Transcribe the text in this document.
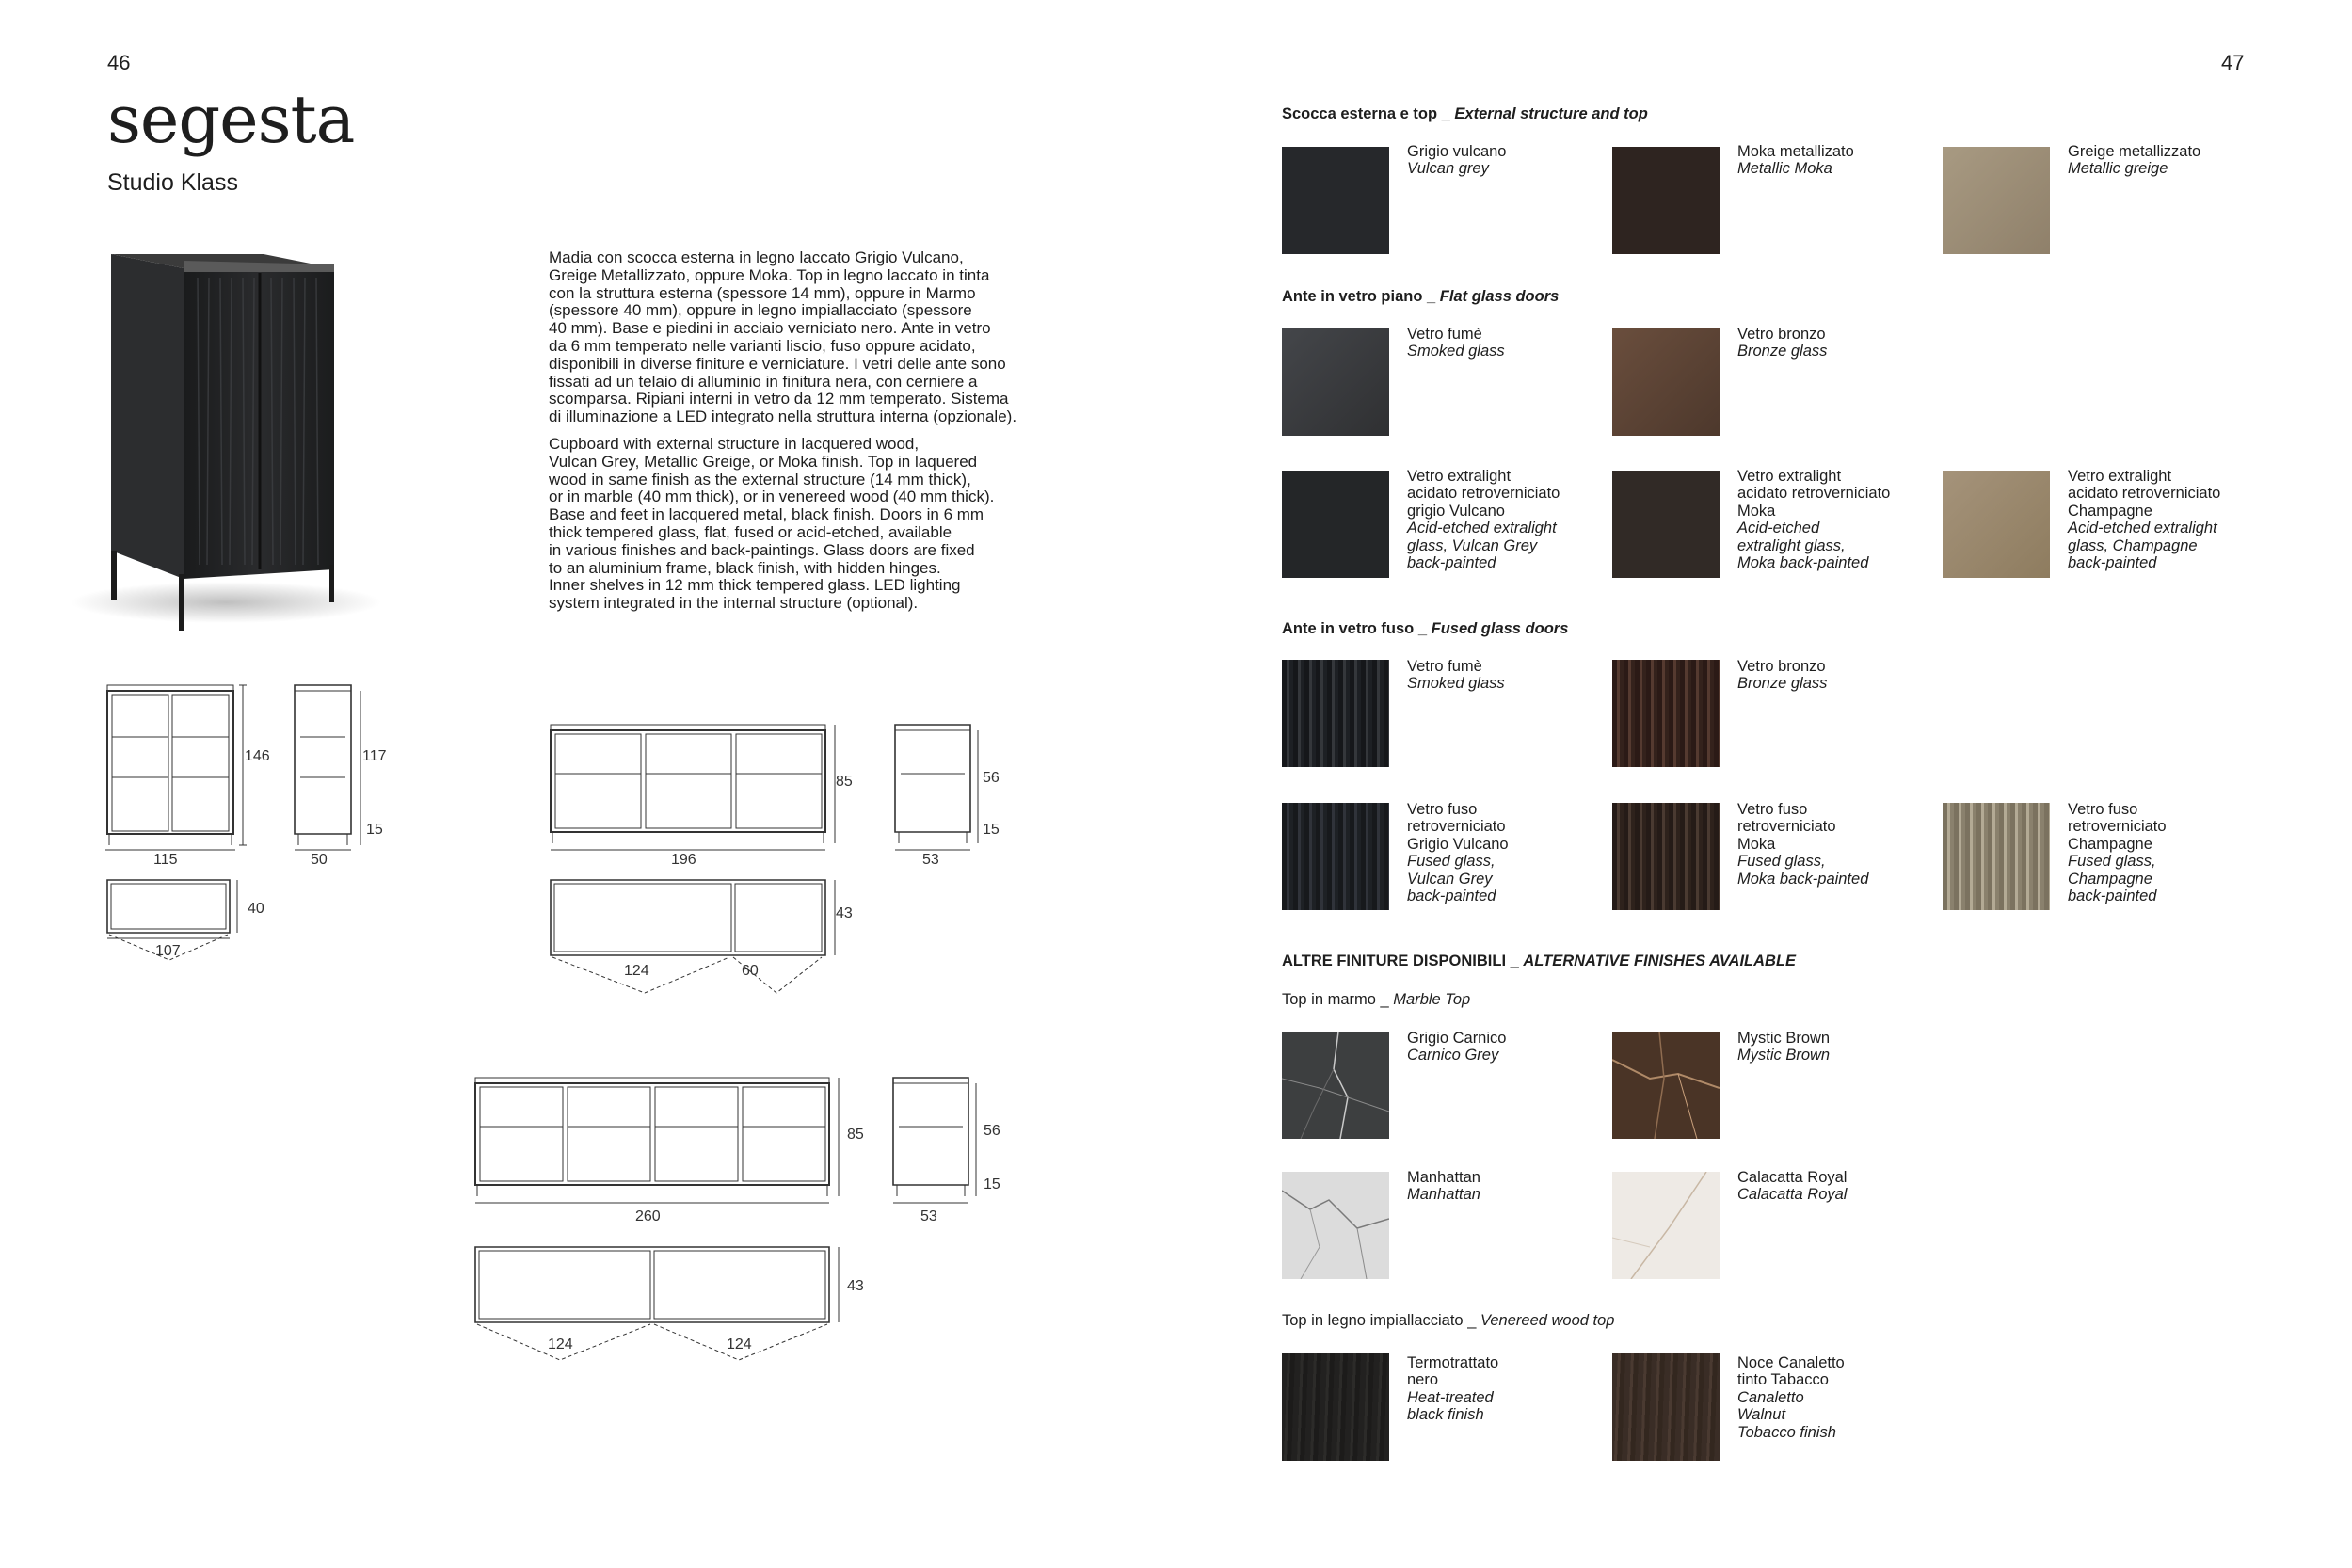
46	47
segesta
Studio Klass

Madia con scocca esterna in legno laccato Grigio Vulcano,

Greige Metallizzato, oppure Moka. Top in legno laccato in tinta

con la struttura esterna (spessore 14 mm), oppure in Marmo

(spessore 40 mm), oppure in legno impiallacciato (spessore

40 mm). Base e piedini in acciaio verniciato nero. Ante in vetro

da 6 mm temperato nelle varianti liscio, fuso oppure acidato,

disponibili in diverse finiture e verniciature. I vetri delle ante sono

fissati ad un telaio di alluminio in finitura nera, con cerniere a

scomparsa. Ripiani interni in vetro da 12 mm temperato. Sistema

di illuminazione a LED integrato nella struttura interna (opzionale).

Cupboard with external structure in lacquered wood,

Vulcan Grey, Metallic Greige, or Moka finish. Top in laquered

wood in same finish as the external structure (14 mm thick),

or in marble (40 mm thick), or in venereed wood (40 mm thick).

Base and feet in lacquered metal, black finish. Doors in 6 mm

thick tempered glass, flat, fused or acid-etched, available

in various finishes and back-paintings. Glass doors are fixed

to an aluminium frame, black finish, with hidden hinges.

Inner shelves in 12 mm thick tempered glass. LED lighting

system integrated in the internal structure (optional).

146
115
117
15
50
40
107
85
196
56
15
53
43
124	60
85
260
56
15
53
43
124	124
Scocca esterna e top _ External structure and top
Grigio vulcano
Vulcan grey
Moka metallizato
Metallic Moka
Greige metallizzato
Metallic greige
Ante in vetro piano _ Flat glass doors
Vetro fumè
Smoked glass
Vetro bronzo
Bronze glass
Vetro extralight
acidato retroverniciato
grigio Vulcano
Acid-etched extralight
glass, Vulcan Grey
back-painted
Vetro extralight
acidato retroverniciato
Moka
Acid-etched
extralight glass,
Moka back-painted
Vetro extralight
acidato retroverniciato
Champagne
Acid-etched extralight
glass, Champagne
back-painted
Ante in vetro fuso _ Fused glass doors
Vetro fumè
Smoked glass
Vetro bronzo
Bronze glass
Vetro fuso
retroverniciato
Grigio Vulcano
Fused glass,
Vulcan Grey
back-painted
Vetro fuso
retroverniciato
Moka
Fused glass,
Moka back-painted
Vetro fuso
retroverniciato
Champagne
Fused glass,
Champagne
back-painted
ALTRE FINITURE DISPONIBILI _ ALTERNATIVE FINISHES AVAILABLE
Top in marmo _ Marble Top
Grigio Carnico
Carnico Grey
Mystic Brown
Mystic Brown
Manhattan
Manhattan
Calacatta Royal
Calacatta Royal
Top in legno impiallacciato _ Venereed wood top
Termotrattato
nero
Heat-treated
black finish
Noce Canaletto
tinto Tabacco
Canaletto
Walnut
Tobacco finish
